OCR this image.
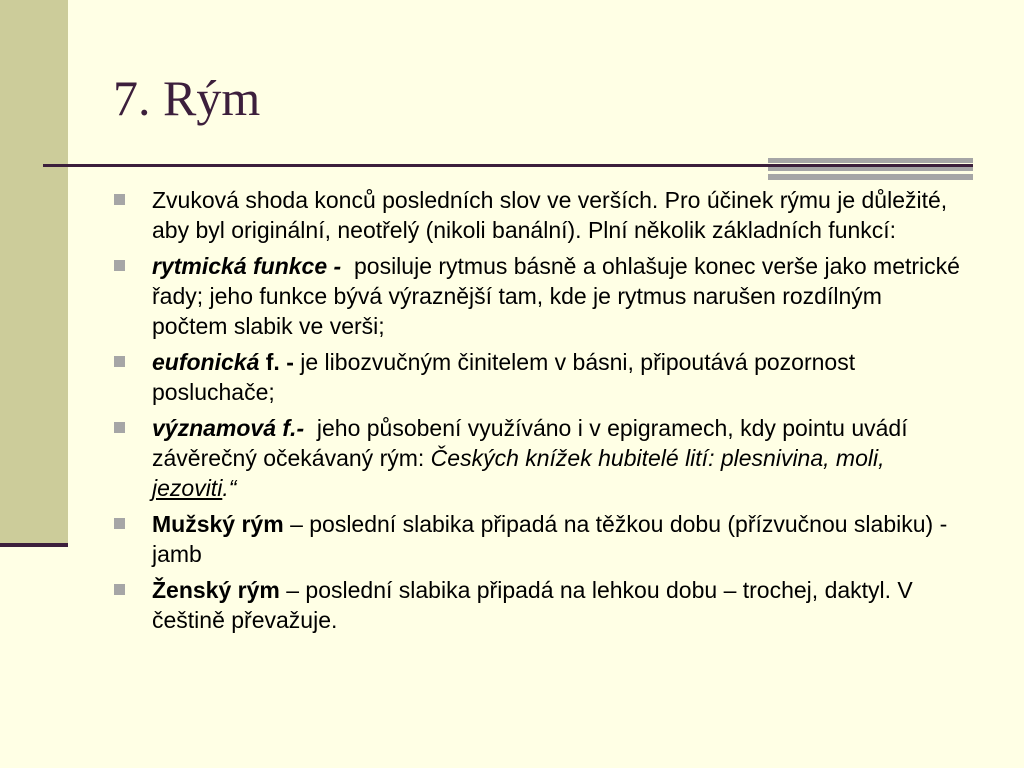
7. Rým
Zvuková shoda konců posledních slov ve verších. Pro účinek rýmu je důležité, aby byl originální, neotřelý (nikoli banální). Plní několik základních funkcí:
rytmická funkce - posiluje rytmus básně a ohlašuje konec verše jako metrické řady; jeho funkce bývá výraznější tam, kde je rytmus narušen rozdílným počtem slabik ve verši;
eufonická f. - je libozvučným činitelem v básni, připoutává pozornost posluchače;
významová f.- jeho působení využíváno i v epigramech, kdy pointu uvádí závěrečný očekávaný rým: Českých knížek hubitelé lití: plesnivina, moli, jezoviti.“
Mužský rým – poslední slabika připadá na těžkou dobu (přízvučnou slabiku) - jamb
Ženský rým – poslední slabika připadá na lehkou dobu – trochej, daktyl. V češtině převažuje.
